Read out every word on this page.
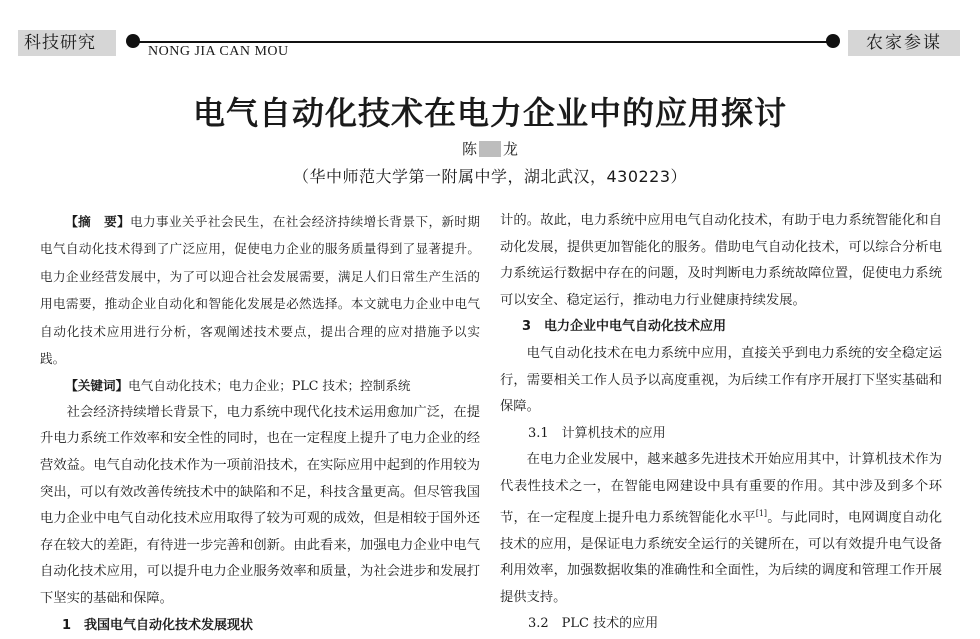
科技研究	NONG JIA CAN MOU	农家参谋
电气自动化技术在电力企业中的应用探讨
陈 龙
（华中师范大学第一附属中学，湖北武汉，430223）

【摘　要】电力事业关乎社会民生，在社会经济持续增长背景下，新时期电气自动化技术得到了广泛应用，促使电力企业的服务质量得到了显著提升。电力企业经营发展中，为了可以迎合社会发展需要，满足人们日常生产生活的用电需要，推动企业自动化和智能化发展是必然选择。本文就电力企业中电气自动化技术应用进行分析，客观阐述技术要点，提出合理的应对措施予以实践。

【关键词】电气自动化技术；电力企业；PLC 技术；控制系统

社会经济持续增长背景下，电力系统中现代化技术运用愈加广泛，在提升电力系统工作效率和安全性的同时，也在一定程度上提升了电力企业的经营效益。电气自动化技术作为一项前沿技术，在实际应用中起到的作用较为突出，可以有效改善传统技术中的缺陷和不足，科技含量更高。但尽管我国电力企业中电气自动化技术应用取得了较为可观的成效，但是相较于国外还存在较大的差距，有待进一步完善和创新。由此看来，加强电力企业中电气自动化技术应用，可以提升电力企业服务效率和质量，为社会进步和发展打下坚实的基础和保障。

1　我国电气自动化技术发展现状

计的。故此，电力系统中应用电气自动化技术，有助于电力系统智能化和自动化发展，提供更加智能化的服务。借助电气自动化技术，可以综合分析电力系统运行数据中存在的问题，及时判断电力系统故障位置，促使电力系统可以安全、稳定运行，推动电力行业健康持续发展。

3　电力企业中电气自动化技术应用

电气自动化技术在电力系统中应用，直接关乎到电力系统的安全稳定运行，需要相关工作人员予以高度重视，为后续工作有序开展打下坚实基础和保障。

3.1　计算机技术的应用

在电力企业发展中，越来越多先进技术开始应用其中，计算机技术作为代表性技术之一，在智能电网建设中具有重要的作用。其中涉及到多个环节，在一定程度上提升电力系统智能化水平[1]。与此同时，电网调度自动化技术的应用，是保证电力系统安全运行的关键所在，可以有效提升电气设备利用效率，加强数据收集的准确性和全面性，为后续的调度和管理工作开展提供支持。

3.2　PLC 技术的应用
